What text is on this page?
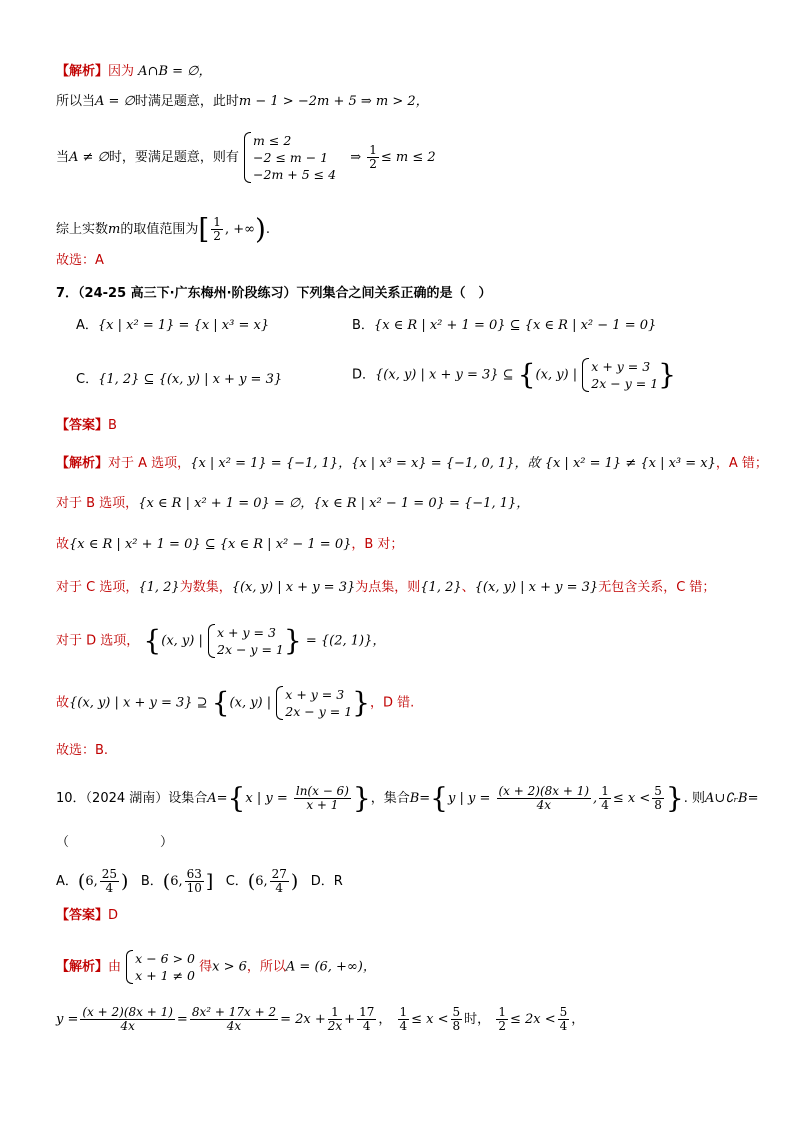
【解析】因为 A∩B = ∅，
所以当A = ∅时满足题意，此时m − 1 > −2m + 5 ⇒ m > 2，
当A ≠ ∅时，要满足题意，则有
m ≤ 2
−2 ≤ m − 1
−2m + 5 ≤ 4
⇒ $\frac{1}{2} \le m \le 2$
综上实数m的取值范围为[ $\frac{1}{2}$ , +∞).
故选：A
7．（24-25 高三下·广东梅州·阶段练习）下列集合之间关系正确的是（　）
A．{x | x² = 1} = {x | x³ = x}	B．{x ∈ R | x² + 1 = 0} ⊆ {x ∈ R | x² − 1 = 0}
C．{1, 2} ⊆ {(x, y) | x + y = 3}	D．{(x, y) | x + y = 3} ⊆ {(x, y) |
x + y = 3
2x − y = 1 }
【答案】B
【解析】对于 A 选项，{x | x² = 1} = {−1, 1}，{x | x³ = x} = {−1, 0, 1}，故 {x | x² = 1} ≠ {x | x³ = x}，A 错；
对于 B 选项，{x ∈ R | x² + 1 = 0} = ∅，{x ∈ R | x² − 1 = 0} = {−1, 1}，
故{x ∈ R | x² + 1 = 0} ⊆ {x ∈ R | x² − 1 = 0}，B 对；
对于 C 选项，{1, 2}为数集，{(x, y) | x + y = 3}为点集，则{1, 2}、{(x, y) | x + y = 3}无包含关系，C 错；
对于 D 选项， {(x, y) |
x + y = 3
2x − y = 1 } = {(2, 1)}，
故{(x, y) | x + y = 3} ⊇ {(x, y) |
x + y = 3
2x − y = 1 }，D 错.
故选：B.
10．（2024 湖南）设集合A={x | $y = \frac{\ln(x - 6)}{x + 1}$ }，集合B={y | $y = \frac{(x + 2)(8x + 1)}{4x}$ , $\frac{1}{4} \le x < \frac{5}{8}$ }. 则A∪∁ᵣB=
（　　　　　　　）
A．(6, $\frac{25}{4}$ ) B．(6, $\frac{63}{10}$ ] C．(6, $\frac{27}{4}$ ) D．R
【答案】D
【解析】由
x − 6 > 0
x + 1 ≠ 0
得x > 6，所以A = (6, +∞)，
$y = \frac{(x + 2)(8x + 1)}{4x} = \frac{\text{8x² + 17x + 2}}{4x} = 2x + \frac{1}{2x} + \frac{17}{4}$ ， $\frac{1}{4} \le x < \frac{5}{8}$ 时， $\frac{1}{2} \le 2x < \frac{5}{4}$ ，
